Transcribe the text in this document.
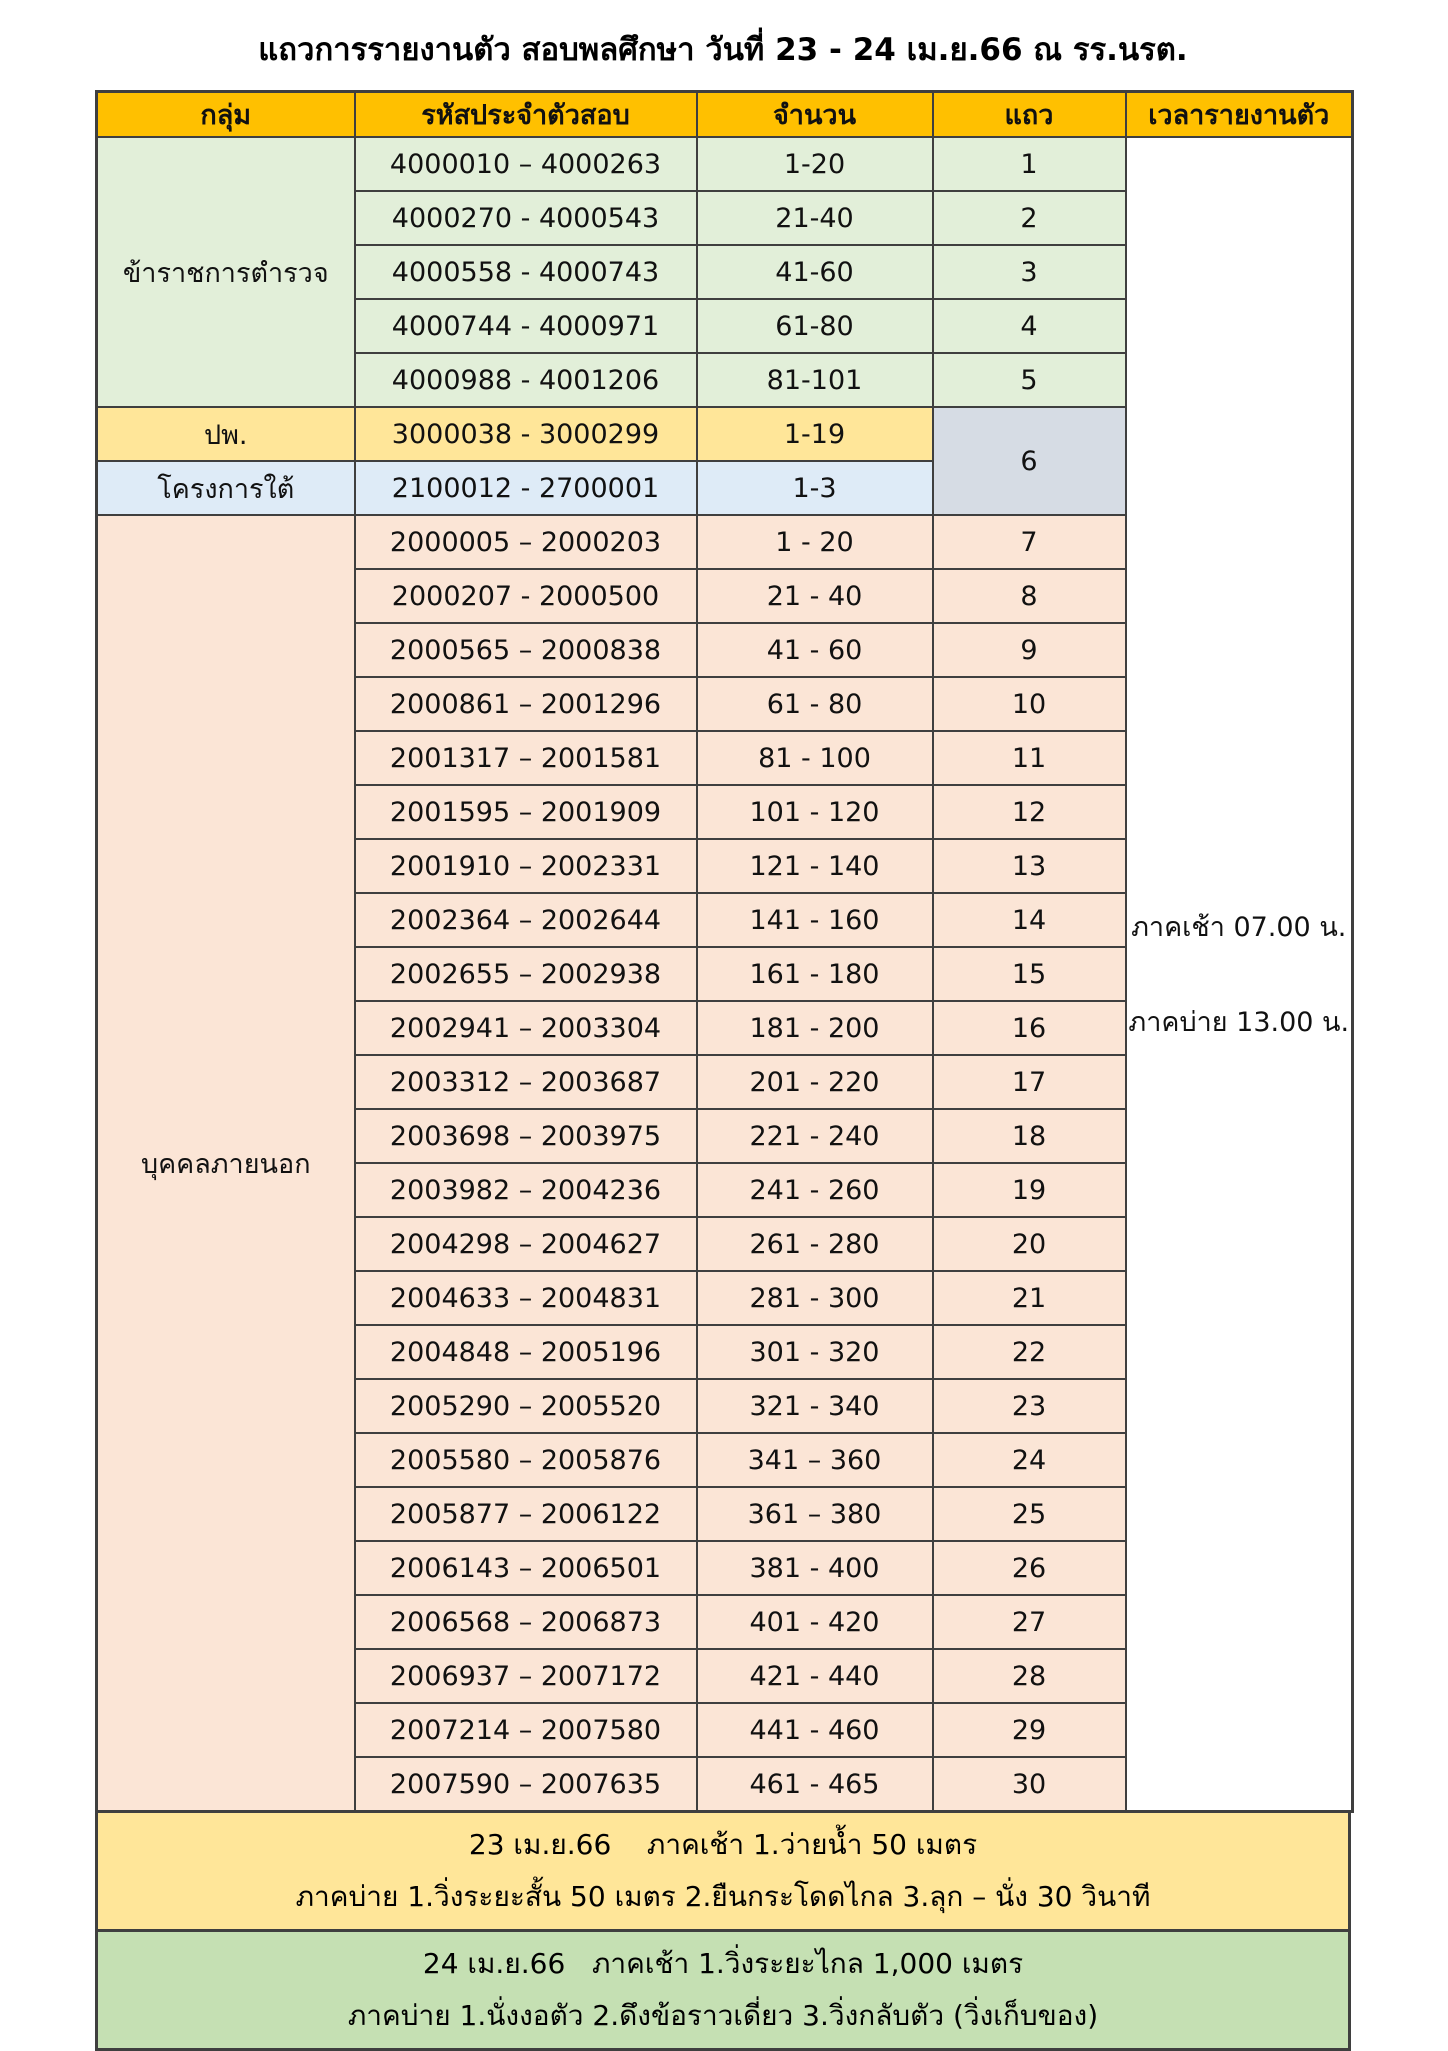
แถวการรายงานตัว สอบพลศึกษา วันที่ 23 - 24 เม.ย.66 ณ รร.นรต.
กลุ่ม	รหัสประจำตัวสอบ	จำนวน	แถว	เวลารายงานตัว
ข้าราชการตำรวจ	4000010 – 4000263	1-20	1	ภาคเช้า 07.00 น.
ภาคบ่าย 13.00 น.

	4000270 - 4000543	21-40	2	
	4000558 - 4000743	41-60	3	
	4000744 - 4000971	61-80	4	
	4000988 - 4001206	81-101	5	
ปพ.	3000038 - 3000299	1-19	6	
โครงการใต้	2100012 - 2700001	1-3		
บุคคลภายนอก	2000005 – 2000203	1 - 20	7	
	2000207 - 2000500	21 - 40	8	
	2000565 – 2000838	41 - 60	9	
	2000861 – 2001296	61 - 80	10	
	2001317 – 2001581	81 - 100	11	
	2001595 – 2001909	101 - 120	12	
	2001910 – 2002331	121 - 140	13	
	2002364 – 2002644	141 - 160	14	
	2002655 – 2002938	161 - 180	15	
	2002941 – 2003304	181 - 200	16	
	2003312 – 2003687	201 - 220	17	
	2003698 – 2003975	221 - 240	18	
	2003982 – 2004236	241 - 260	19	
	2004298 – 2004627	261 - 280	20	
	2004633 – 2004831	281 - 300	21	
	2004848 – 2005196	301 - 320	22	
	2005290 – 2005520	321 - 340	23	
	2005580 – 2005876	341 – 360	24	
	2005877 – 2006122	361 – 380	25	
	2006143 – 2006501	381 - 400	26	
	2006568 – 2006873	401 - 420	27	
	2006937 – 2007172	421 - 440	28	
	2007214 – 2007580	441 - 460	29	
	2007590 – 2007635	461 - 465	30	
23 เม.ย.66    ภาคเช้า 1.ว่ายน้ำ 50 เมตร
ภาคบ่าย 1.วิ่งระยะสั้น 50 เมตร 2.ยืนกระโดดไกล 3.ลุก – นั่ง 30 วินาที
24 เม.ย.66   ภาคเช้า 1.วิ่งระยะไกล 1,000 เมตร
ภาคบ่าย 1.นั่งงอตัว 2.ดึงข้อราวเดี่ยว 3.วิ่งกลับตัว (วิ่งเก็บของ)
